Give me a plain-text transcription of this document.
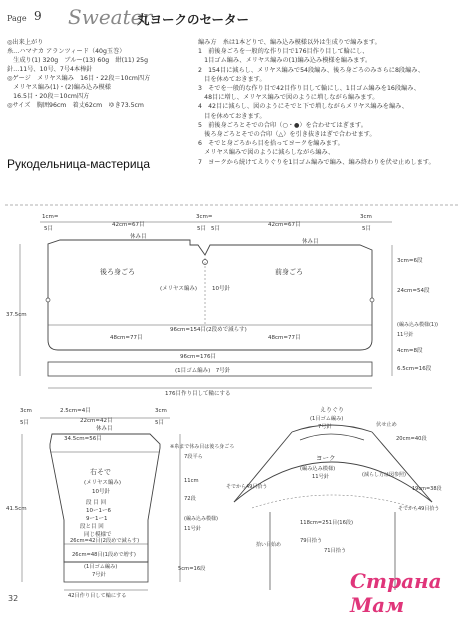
Page 9 Sweater
丸ヨークのセーター
◎出来上がり
糸…ハマナカ アランツィード（40g玉巻）
　生成り(1) 320g　ブルー(13) 60g　紺(11) 25g
針…11号、10号、7号4本棒針
◎ゲージ　メリヤス編み　16目・22段＝10cm四方
　メリヤス編み(1)・(2)編み込み模様
　16.5目・20段＝10cm四方
◎サイズ　胸囲96cm　着丈62cm　ゆき73.5cm
編み方　糸は1本どりで、編み込み模様以外は生成りで編みます。
1　前後身ごろを一般的な作り目で176目作り目して輪にし、
　1目ゴム編み、メリヤス編みの(1)編み込み模様を編みます。
2　154目に減らし、メリヤス編みで54段編み、後ろ身ごろのみさらに8段編み、
　目を休めておきます。
3　そでを一般的な作り目で42目作り目して輪にし、1目ゴム編みを16段編み、
　48目に増し、メリヤス編みで図のように増しながら編みます。
4　42目に減らし、図のようにそでと下で増しながらメリヤス編みを編み、
　目を休めておきます。
5　前後身ごろとそでの合印（○・●）を合わせてはぎます。
　後ろ身ごろとそでの合印（△）を引き抜きはぎで合わせます。
6　そでと身ごろから目を拾ってヨークを編みます。
　メリヤス編みで図のように減らしながら編み、
7　ヨークから続けてえりぐりを1目ゴム編みで編み、編み終わりを伏せ止めします。
Рукодельница-мастерица
1cm=
5目
42cm=67目
3cm=
5目 5目
42cm=67目
3cm
5目
休み目
休み目
後ろ身ごろ	前身ごろ
(メリヤス編み)	10号針
48cm=77目	48cm=77目
96cm=154目(2段めで減らす)
96cm=176目
(1目ゴム編み)　7号針
176目作り目して輪にする
37.5cm
3cm=6段
24cm=54段
(編み込み模様(1))
11号針
4cm=8段
6.5cm=16段
3cm
5目
2.5cm=4目
22cm=42目
3cm
5目
休み目
34.5cm=56目
右そで
(メリヤス編み)
10号針
段 目 回
10ー1ー6
9ー1ー1
段と目 回
同じ模様で
26cm=42目(2段めで減らす)
26cm=48目(1段めで増す)
(1目ゴム編み)
7号針
42目作り目して輪にする
41.5cm
※糸まで休み目は後ろ身ごろ
7段平ら
11cm
72段
(編み込み模様)
11号針
5cm=16段
えりぐり
(1目ゴム編み)
7号針	伏せ止め
20cm=40段
ヨーク
(編み込み模様)
11号針	(減らし方は図参照)
19cm=38段
そでから49目拾う
そでから49目拾う
118cm=251目(16段)
79目拾う
71目拾う
拾い目始め
32
Страна Мам
